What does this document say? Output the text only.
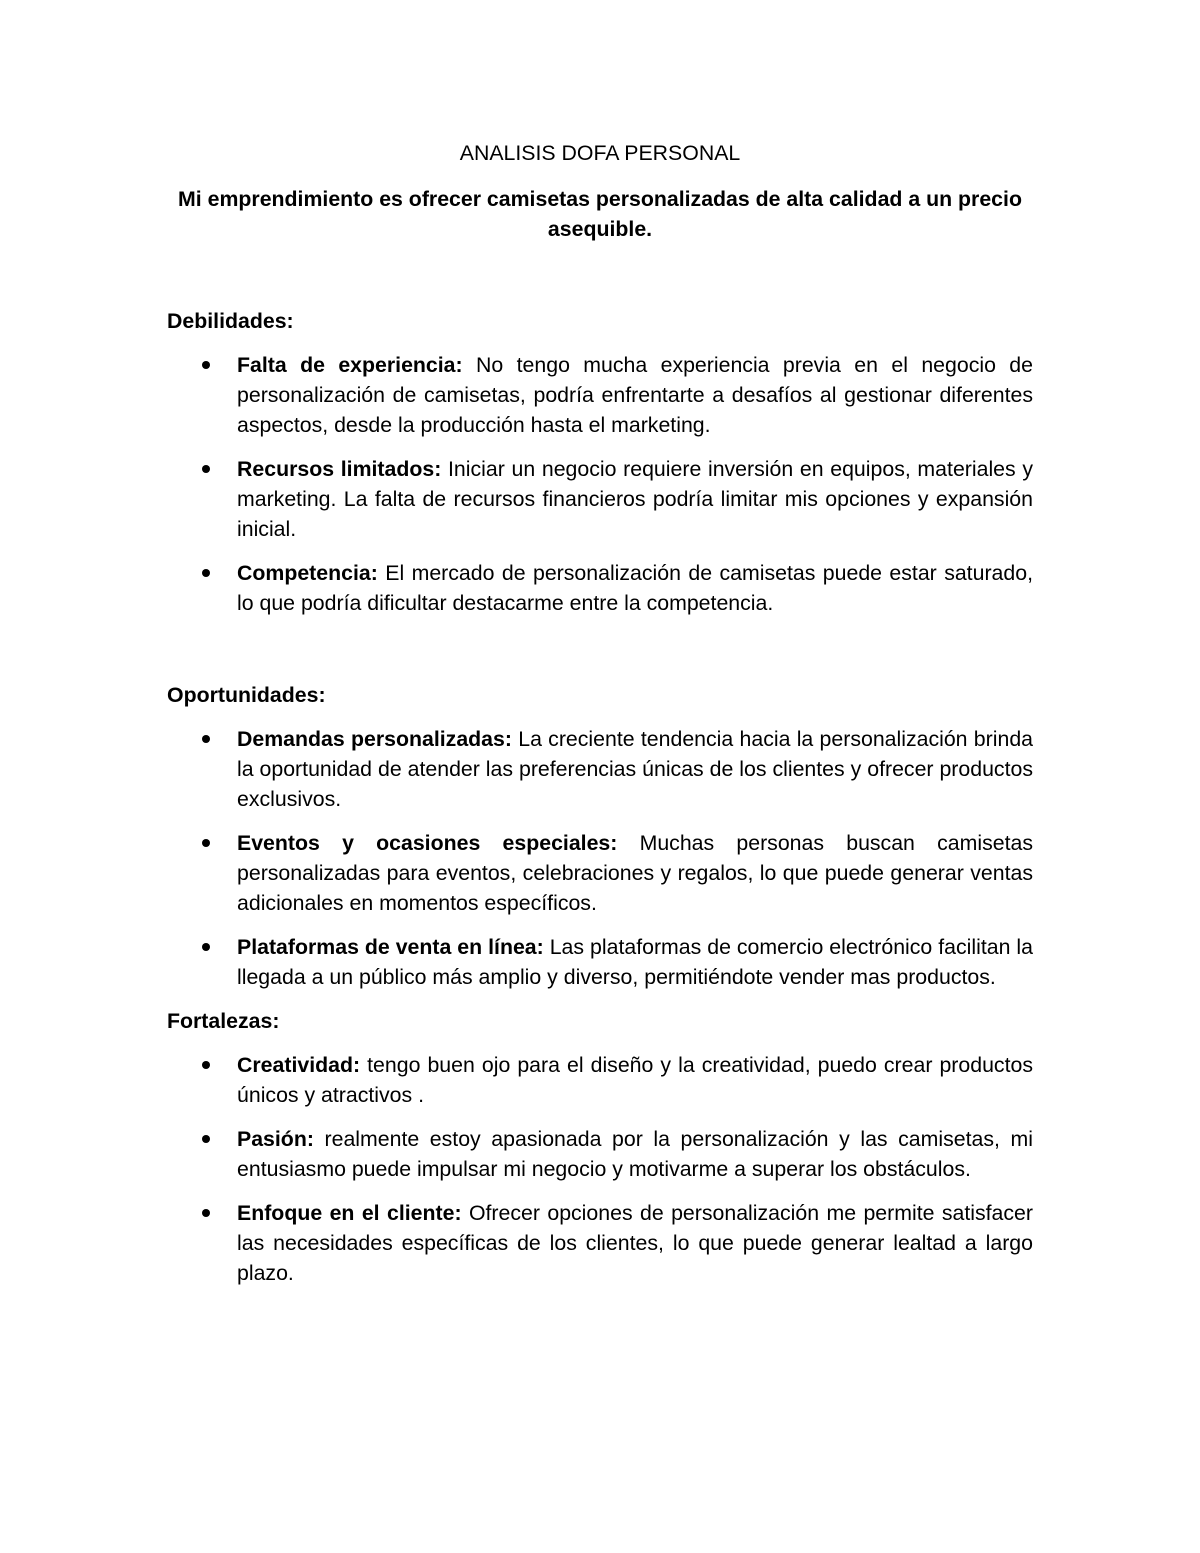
ANALISIS DOFA PERSONAL

Mi emprendimiento es ofrecer camisetas personalizadas de alta calidad a un precio asequible.

Debilidades:

Falta de experiencia: No tengo mucha experiencia previa en el negocio de personalización de camisetas, podría enfrentarte a desafíos al gestionar diferentes aspectos, desde la producción hasta el marketing.
Recursos limitados: Iniciar un negocio requiere inversión en equipos, materiales y marketing. La falta de recursos financieros podría limitar mis opciones y expansión inicial.
Competencia: El mercado de personalización de camisetas puede estar saturado, lo que podría dificultar destacarme entre la competencia.

Oportunidades:

Demandas personalizadas: La creciente tendencia hacia la personalización brinda la oportunidad de atender las preferencias únicas de los clientes y ofrecer productos exclusivos.
Eventos y ocasiones especiales: Muchas personas buscan camisetas personalizadas para eventos, celebraciones y regalos, lo que puede generar ventas adicionales en momentos específicos.
Plataformas de venta en línea: Las plataformas de comercio electrónico facilitan la llegada a un público más amplio y diverso, permitiéndote vender mas productos.

Fortalezas:

Creatividad: tengo buen ojo para el diseño y la creatividad, puedo crear productos únicos y atractivos .
Pasión: realmente estoy apasionada por la personalización y las camisetas, mi entusiasmo puede impulsar mi negocio y motivarme a superar los obstáculos.
Enfoque en el cliente: Ofrecer opciones de personalización me permite satisfacer las necesidades específicas de los clientes, lo que puede generar lealtad a largo plazo.
